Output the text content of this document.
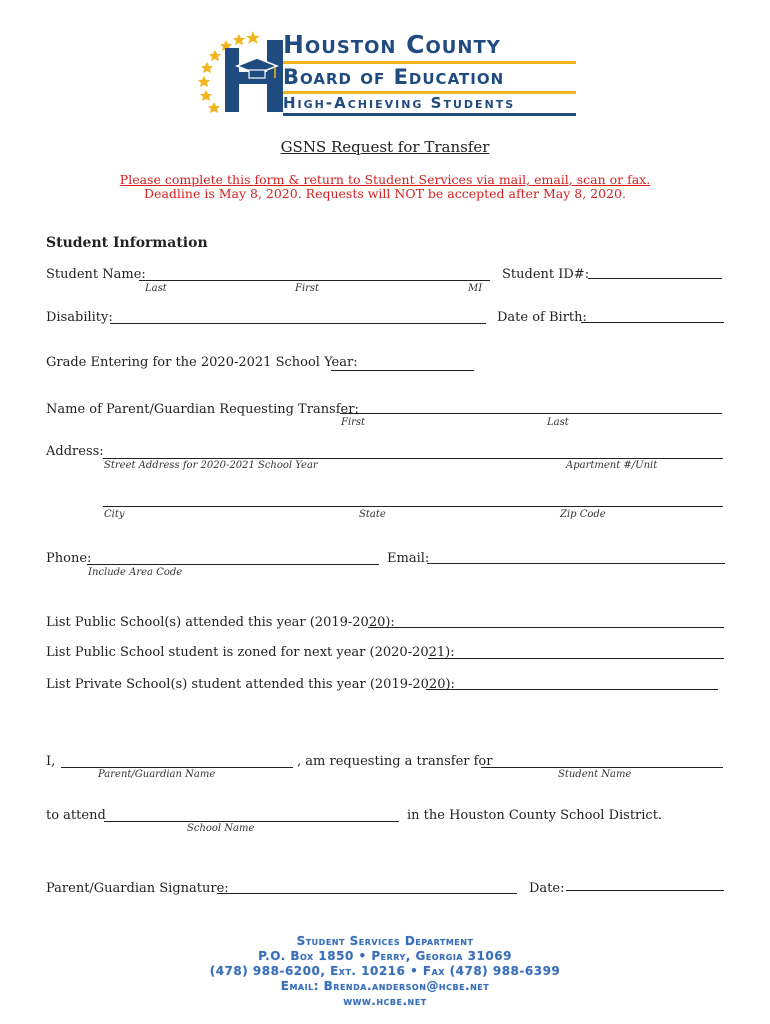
Houston County
Board of Education
High-Achieving Students
GSNS Request for Transfer
Please complete this form & return to Student Services via mail, email, scan or fax.
Deadline is May 8, 2020. Requests will NOT be accepted after May 8, 2020.
Student Information
Student Name:
Last	First	MI
Student ID#:
Disability:	Date of Birth:
Grade Entering for the 2020-2021 School Year:
Name of Parent/Guardian Requesting Transfer:
First	Last
Address:
Street Address for 2020-2021 School Year	Apartment #/Unit
City	State	Zip Code
Phone:
Include Area Code
Email:
List Public School(s) attended this year (2019-2020):
List Public School student is zoned for next year (2020-2021):
List Private School(s) student attended this year (2019-2020):
I,
Parent/Guardian Name
, am requesting a transfer for
Student Name
to attend
School Name
in the Houston County School District.
Parent/Guardian Signature:	Date:
Student Services Department
P.O. Box 1850 • Perry, Georgia 31069
(478) 988-6200, Ext. 10216 • Fax (478) 988-6399
Email: Brenda.anderson@hcbe.net
www.hcbe.net
